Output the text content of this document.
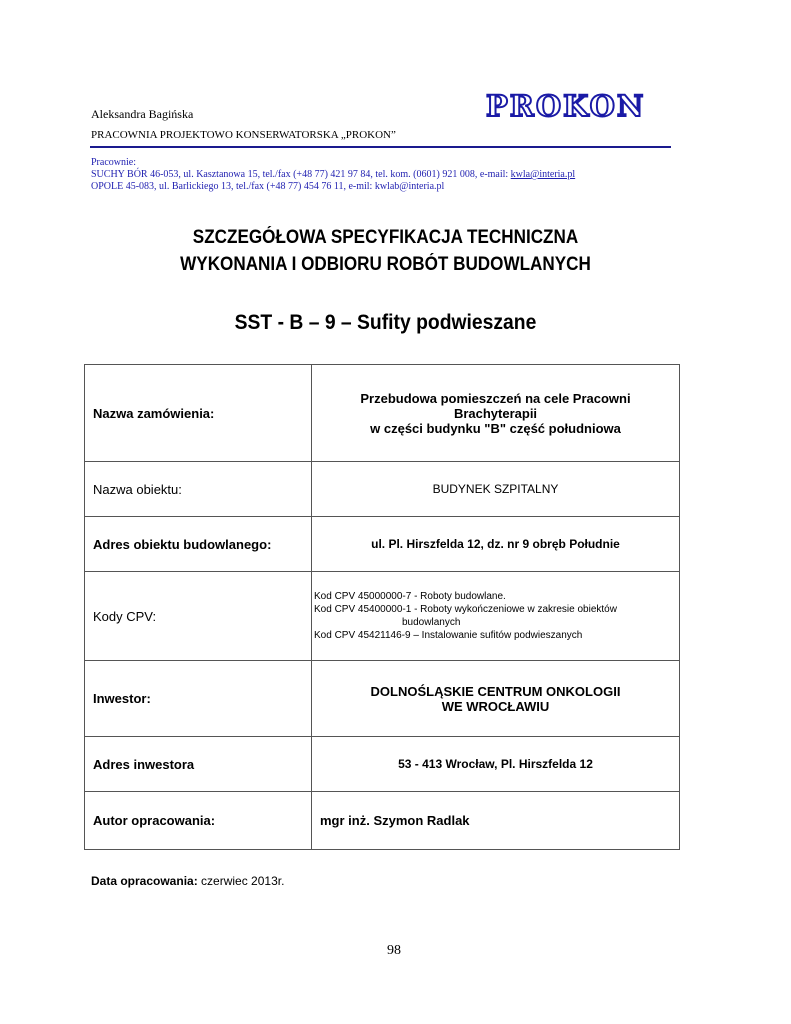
Aleksandra Bagińska	PROKON
PRACOWNIA PROJEKTOWO KONSERWATORSKA „PROKON”
Pracownie:
SUCHY BÓR 46-053, ul. Kasztanowa 15, tel./fax (+48 77) 421 97 84, tel. kom. (0601) 921 008, e-mail: kwla@interia.pl
OPOLE 45-083, ul. Barlickiego 13, tel./fax (+48 77) 454 76 11, e-mil: kwlab@interia.pl
SZCZEGÓŁOWA SPECYFIKACJA TECHNICZNA
WYKONANIA I ODBIORU ROBÓT BUDOWLANYCH
SST - B – 9 – Sufity podwieszane
Nazwa zamówienia:	Przebudowa pomieszczeń na cele Pracowni
Brachyterapii
w części budynku "B" część południowa

Nazwa obiektu:	BUDYNEK SZPITALNY
Adres obiektu budowlanego:	ul. Pl. Hirszfelda 12, dz. nr 9 obręb Południe
Kody CPV:	Kod CPV 45000000-7 - Roboty budowlane.
Kod CPV 45400000-1 - Roboty wykończeniowe w zakresie obiektów
budowlanych
Kod CPV 45421146-9 – Instalowanie sufitów podwieszanych

Inwestor:	DOLNOŚLĄSKIE CENTRUM ONKOLOGII
WE WROCŁAWIU

Adres inwestora	53 - 413 Wrocław, Pl. Hirszfelda 12
Autor opracowania:	mgr inż. Szymon Radlak
Data opracowania: czerwiec 2013r.
98
